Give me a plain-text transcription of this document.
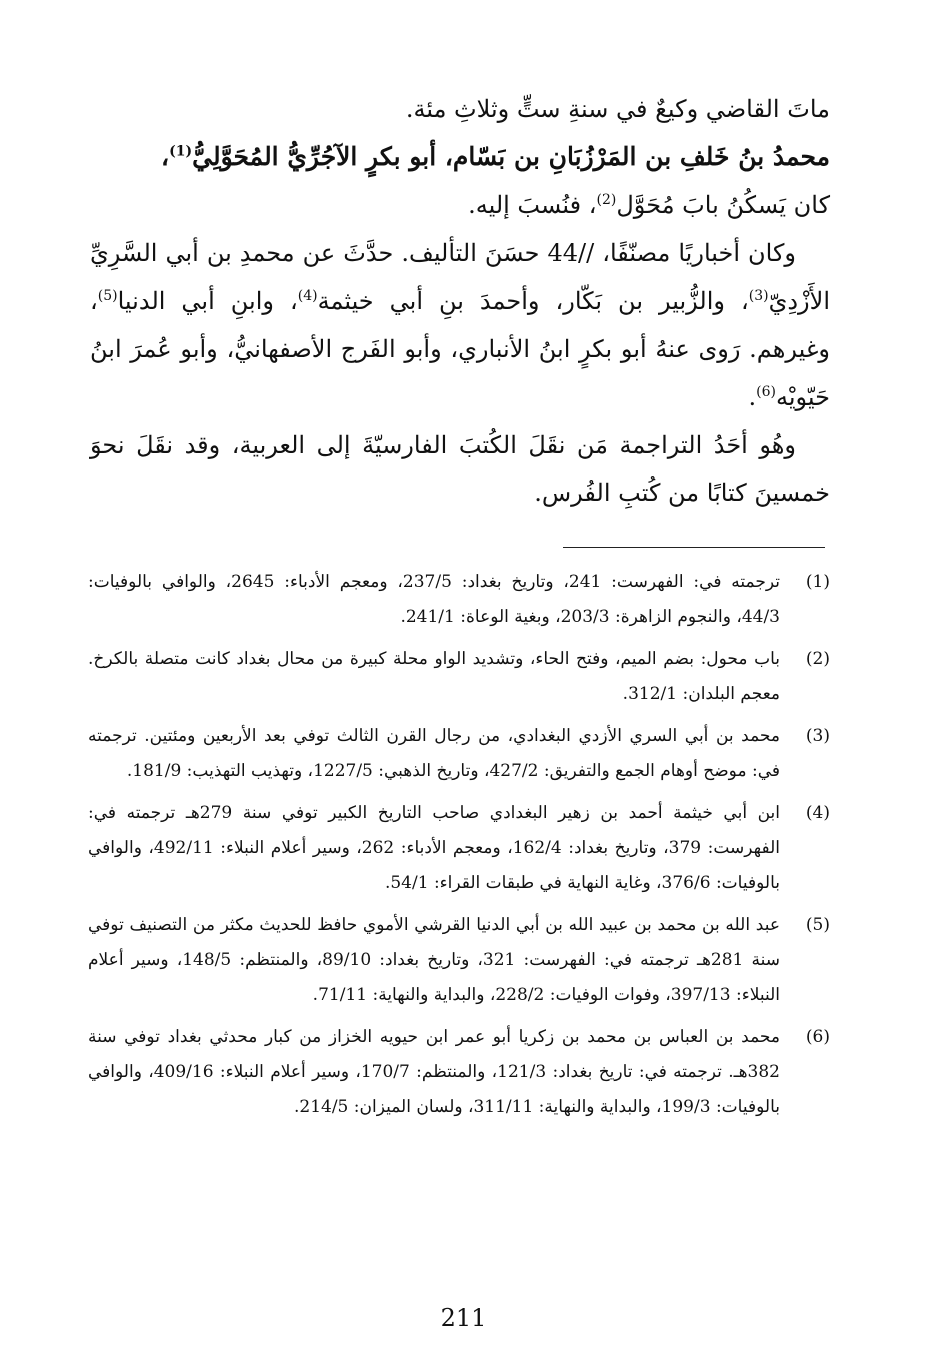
ماتَ القاضي وكيعٌ في سنةِ ستٍّ وثلاثِ مئة.

محمدُ بنُ خَلفِ بن المَرْزُبَانِ بن بَسّام، أبو بكرٍ الآجُرِّيُّ المُحَوَّلِيُّ$^{(1)}$،

كان يَسكُنُ بابَ مُحَوَّل$^{(2)}$، فنُسبَ إليه.

وكان أخباريًا مصنّفًا، //44 حسَنَ التأليف. حدَّثَ عن محمدِ بن أبي السَّرِيِّ الأَزْدِيّ$^{(3)}$، والزُّبير بن بَكّار، وأحمدَ بنِ أبي خيثمة$^{(4)}$، وابنِ أبي الدنيا$^{(5)}$، وغيرهم. رَوى عنهُ أبو بكرٍ ابنُ الأنباري، وأبو الفَرج الأصفهانيُّ، وأبو عُمرَ ابنُ حَيّويْه$^{(6)}$.

وهُو أحَدُ التراجمة مَن نقَلَ الكُتبَ الفارسيّةَ إلى العربية، وقد نقَلَ نحوَ خمسينَ كتابًا من كُتبِ الفُرس.

(1)
ترجمته في: الفهرست: 241، وتاريخ بغداد: 237/5، ومعجم الأدباء: 2645، والوافي بالوفيات: 44/3، والنجوم الزاهرة: 203/3، وبغية الوعاة: 241/1.
(2)
باب محول: بضم الميم، وفتح الحاء، وتشديد الواو محلة كبيرة من محال بغداد كانت متصلة بالكرخ. معجم البلدان: 312/1.
(3)
محمد بن أبي السري الأزدي البغدادي، من رجال القرن الثالث توفي بعد الأربعين ومئتين. ترجمته في: موضح أوهام الجمع والتفريق: 427/2، وتاريخ الذهبي: 1227/5، وتهذيب التهذيب: 181/9.
(4)
ابن أبي خيثمة أحمد بن زهير البغدادي صاحب التاريخ الكبير توفي سنة 279هـ ترجمته في: الفهرست: 379، وتاريخ بغداد: 162/4، ومعجم الأدباء: 262، وسير أعلام النبلاء: 492/11، والوافي بالوفيات: 376/6، وغاية النهاية في طبقات القراء: 54/1.
(5)
عبد الله بن محمد بن عبيد الله بن أبي الدنيا القرشي الأموي حافظ للحديث مكثر من التصنيف توفي سنة 281هـ ترجمته في: الفهرست: 321، وتاريخ بغداد: 89/10، والمنتظم: 148/5، وسير أعلام النبلاء: 397/13، وفوات الوفيات: 228/2، والبداية والنهاية: 71/11.
(6)
محمد بن العباس بن محمد بن زكريا أبو عمر ابن حيويه الخزاز من كبار محدثي بغداد توفي سنة 382هـ. ترجمته في: تاريخ بغداد: 121/3، والمنتظم: 170/7، وسير أعلام النبلاء: 409/16، والوافي بالوفيات: 199/3، والبداية والنهاية: 311/11، ولسان الميزان: 214/5.
211
